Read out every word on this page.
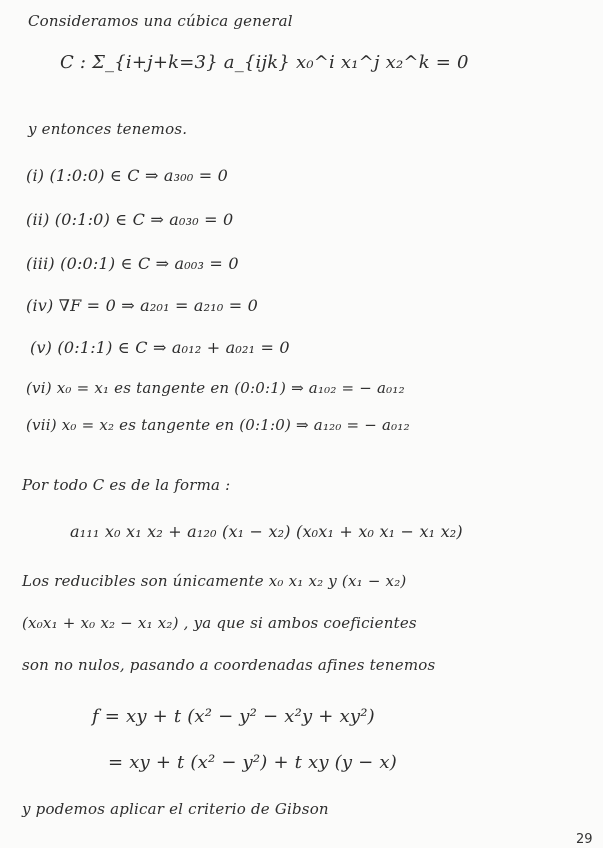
Consideramos una cúbica general
C : Σ_{i+j+k=3} a_{ijk} x₀^i x₁^j x₂^k = 0
y entonces tenemos.
(i) (1:0:0) ∈ C ⇒ a₃₀₀ = 0
(ii) (0:1:0) ∈ C ⇒ a₀₃₀ = 0
(iii) (0:0:1) ∈ C ⇒ a₀₀₃ = 0
(iv) ∇F = 0 ⇒ a₂₀₁ = a₂₁₀ = 0
(v) (0:1:1) ∈ C ⇒ a₀₁₂ + a₀₂₁ = 0
(vi) x₀ = x₁ es tangente en (0:0:1) ⇒ a₁₀₂ = − a₀₁₂
(vii) x₀ = x₂ es tangente en (0:1:0) ⇒ a₁₂₀ = − a₀₁₂
Por todo C es de la forma :
a₁₁₁ x₀ x₁ x₂ + a₁₂₀ (x₁ − x₂) (x₀x₁ + x₀ x₁ − x₁ x₂)
Los reducibles son únicamente x₀ x₁ x₂ y (x₁ − x₂)
(x₀x₁ + x₀ x₂ − x₁ x₂) , ya que si ambos coeficientes
son no nulos, pasando a coordenadas afines tenemos
f = xy + t (x² − y² − x²y + xy²)
= xy + t (x² − y²) + t xy (y − x)
y podemos aplicar el criterio de Gibson
29
